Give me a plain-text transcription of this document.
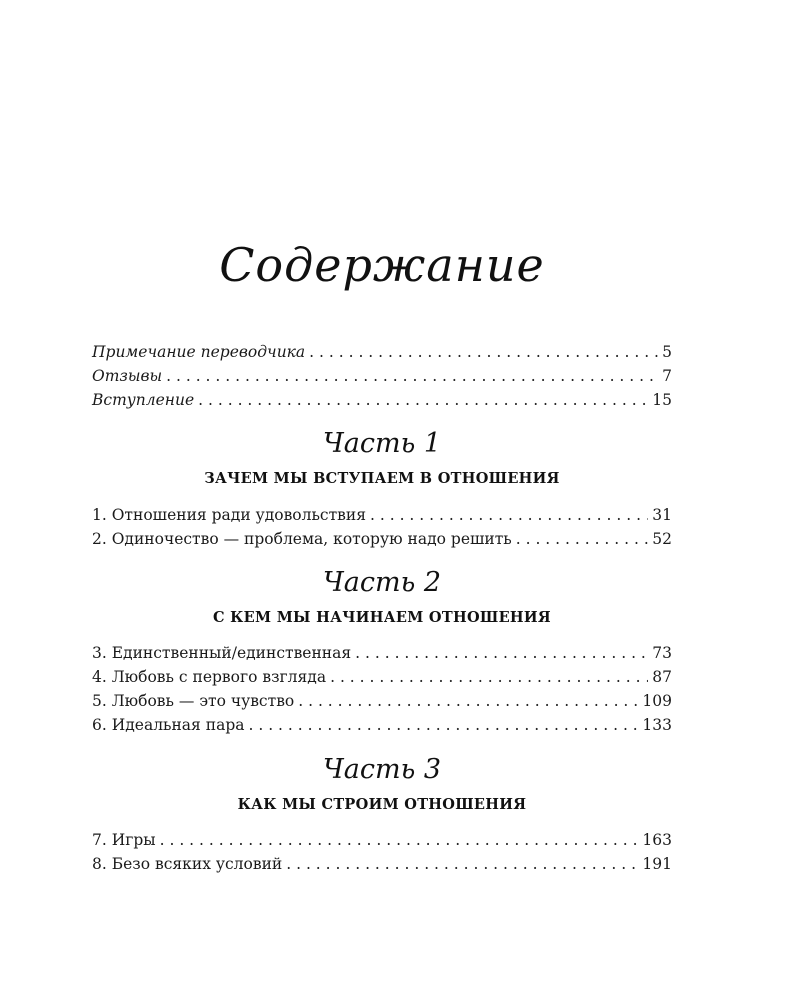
Содержание
Примечание переводчика . . .	5
Отзывы . . .	7
Вступление . . .	15
Часть 1
ЗАЧЕМ МЫ ВСТУПАЕМ В ОТНОШЕНИЯ
1. Отношения ради удовольствия . . .	31
2. Одиночество — проблема, которую надо решить . . .	52
Часть 2
С КЕМ МЫ НАЧИНАЕМ ОТНОШЕНИЯ
3. Единственный/единственная . . .	73
4. Любовь с первого взгляда . . .	87
5. Любовь — это чувство . . .	109
6. Идеальная пара . . .	133
Часть 3
КАК МЫ СТРОИМ ОТНОШЕНИЯ
7. Игры . . .	163
8. Безо всяких условий . . .	191
